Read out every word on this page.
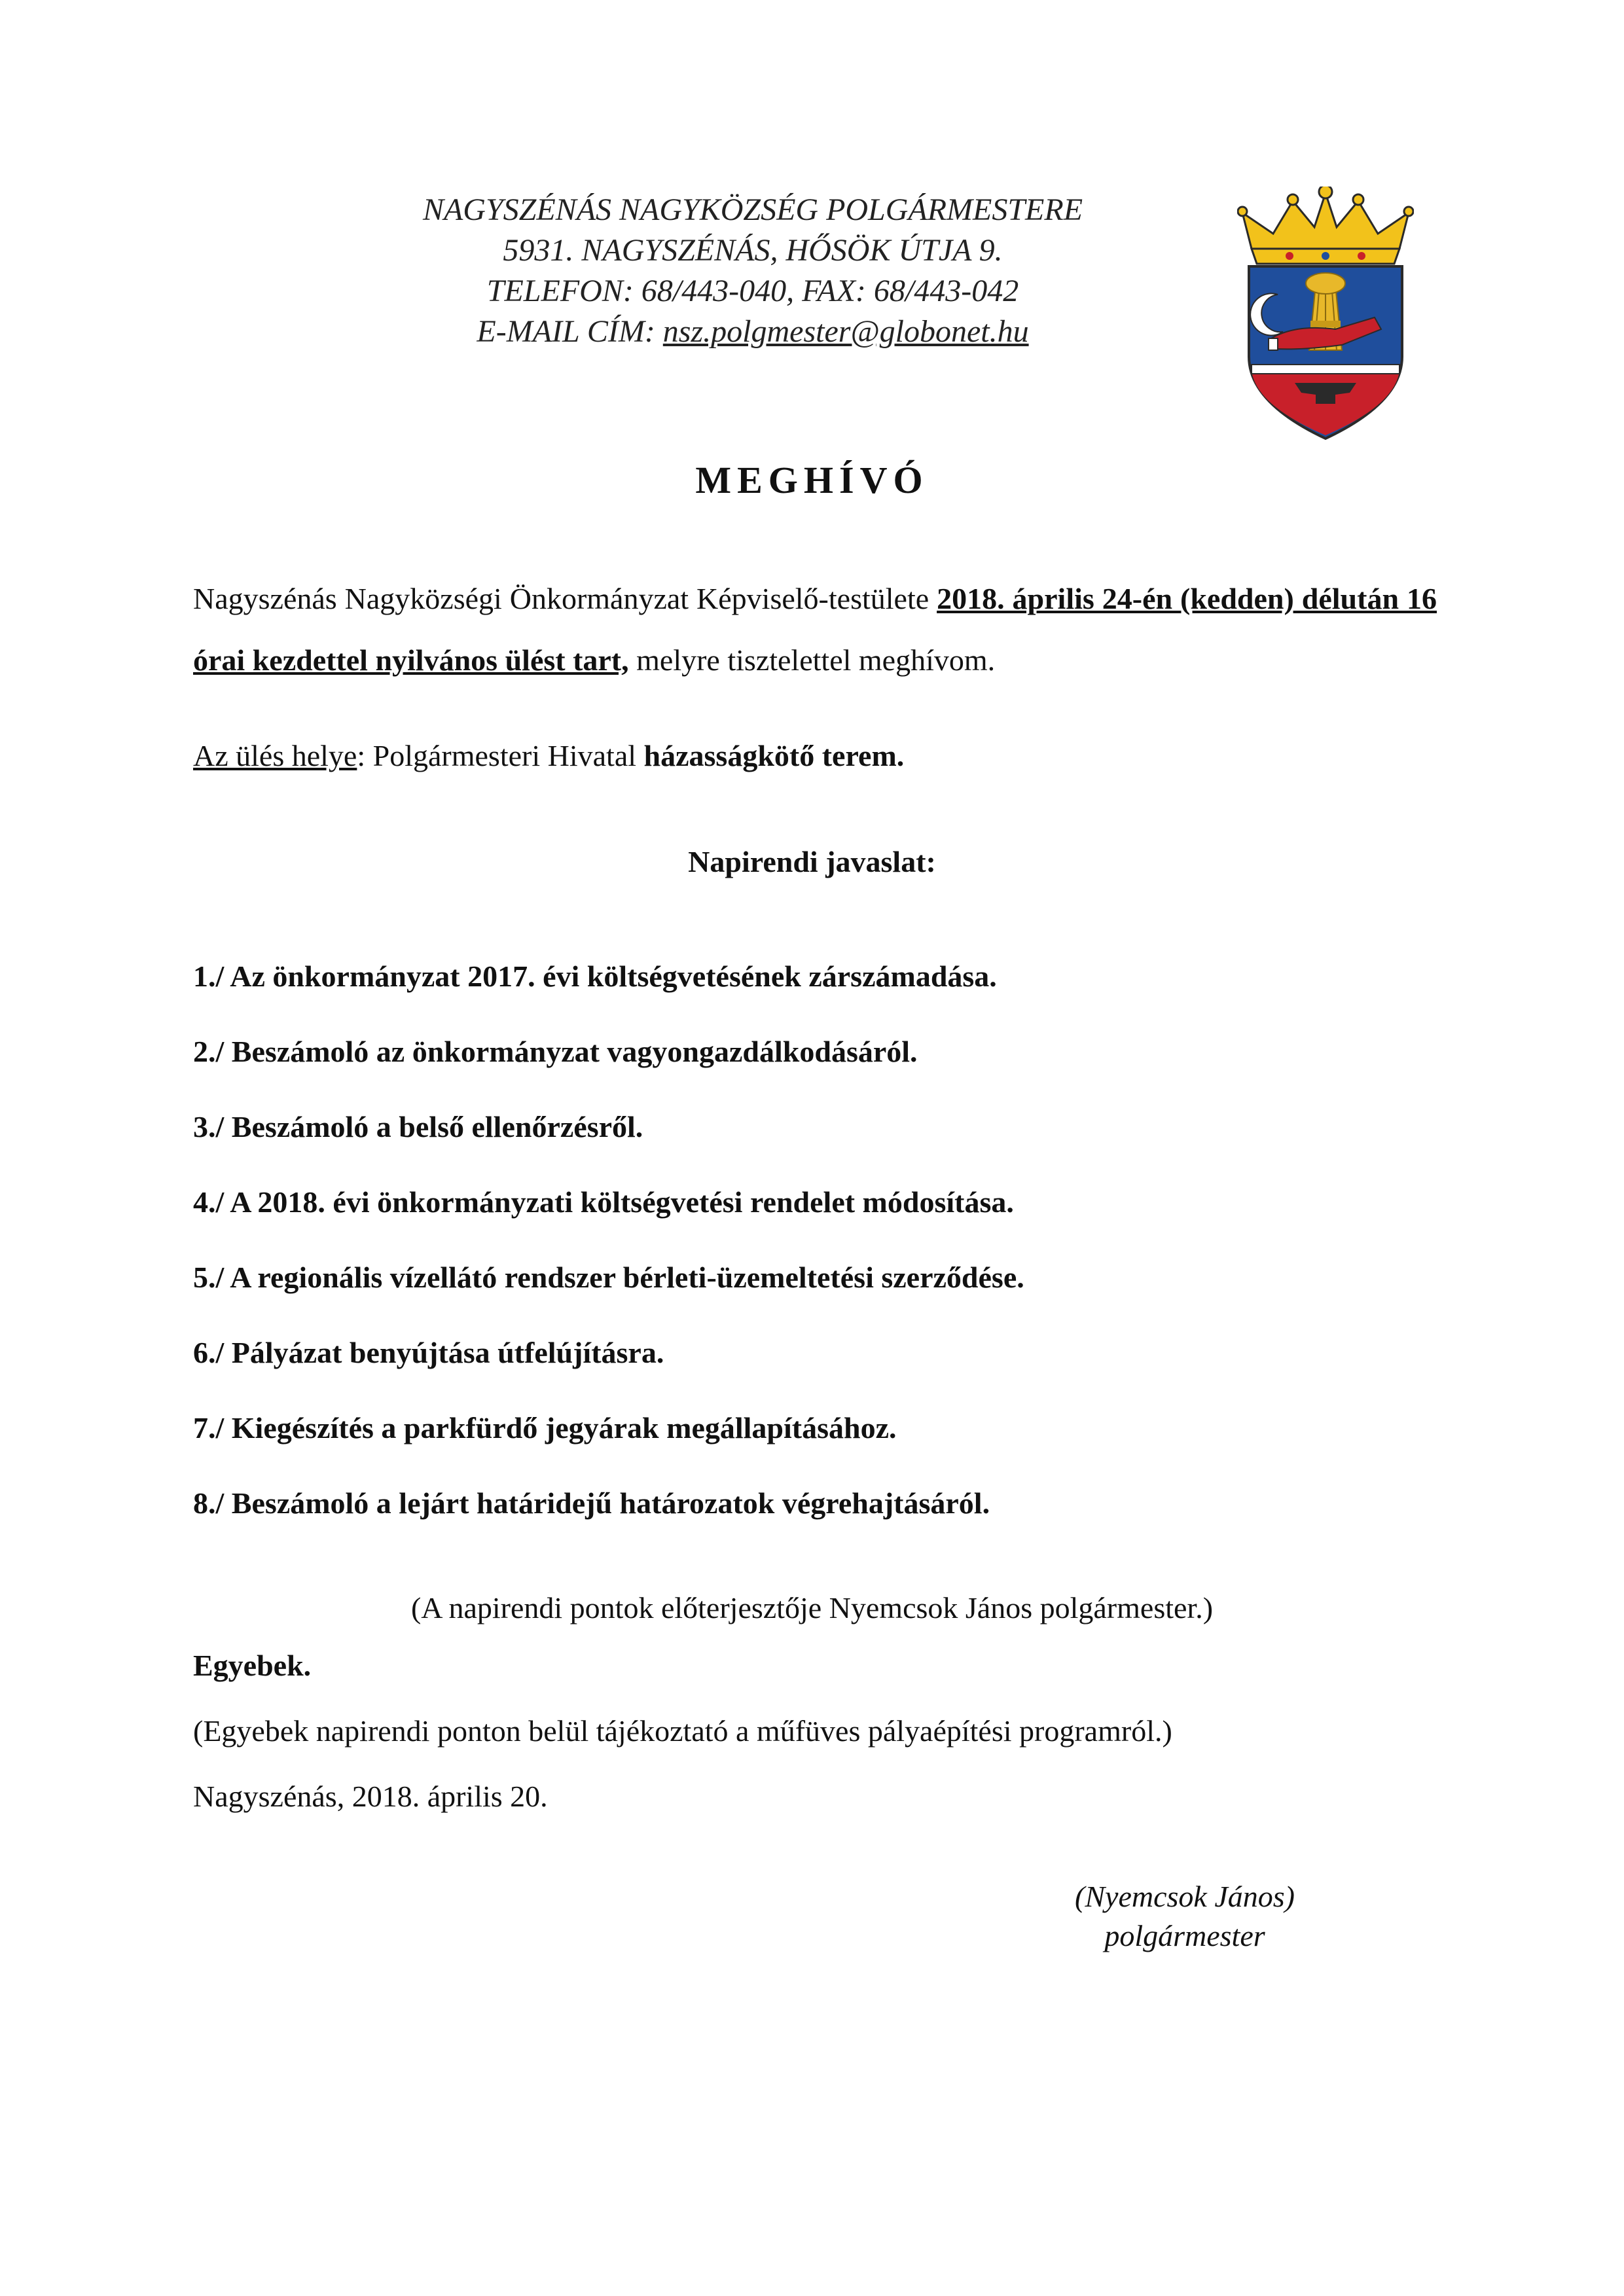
NAGYSZÉNÁS NAGYKÖZSÉG POLGÁRMESTERE
5931. NAGYSZÉNÁS, HŐSÖK ÚTJA 9.
TELEFON: 68/443-040, FAX: 68/443-042
E-MAIL CÍM: nsz.polgmester@globonet.hu
MEGHÍVÓ
Nagyszénás Nagyközségi Önkormányzat Képviselő-testülete 2018. április 24-én (kedden) délután 16 órai kezdettel nyilvános ülést tart, melyre tisztelettel meghívom.
Az ülés helye: Polgármesteri Hivatal házasságkötő terem.
Napirendi javaslat:
1./ Az önkormányzat 2017. évi költségvetésének zárszámadása.
2./ Beszámoló az önkormányzat vagyongazdálkodásáról.
3./ Beszámoló a belső ellenőrzésről.
4./ A 2018. évi önkormányzati költségvetési rendelet módosítása.
5./ A regionális vízellátó rendszer bérleti-üzemeltetési szerződése.
6./ Pályázat benyújtása útfelújításra.
7./ Kiegészítés a parkfürdő jegyárak megállapításához.
8./ Beszámoló a lejárt határidejű határozatok végrehajtásáról.
(A napirendi pontok előterjesztője Nyemcsok János polgármester.)
Egyebek.
(Egyebek napirendi ponton belül tájékoztató a műfüves pályaépítési programról.)
Nagyszénás, 2018. április 20.
(Nyemcsok János)
polgármester
